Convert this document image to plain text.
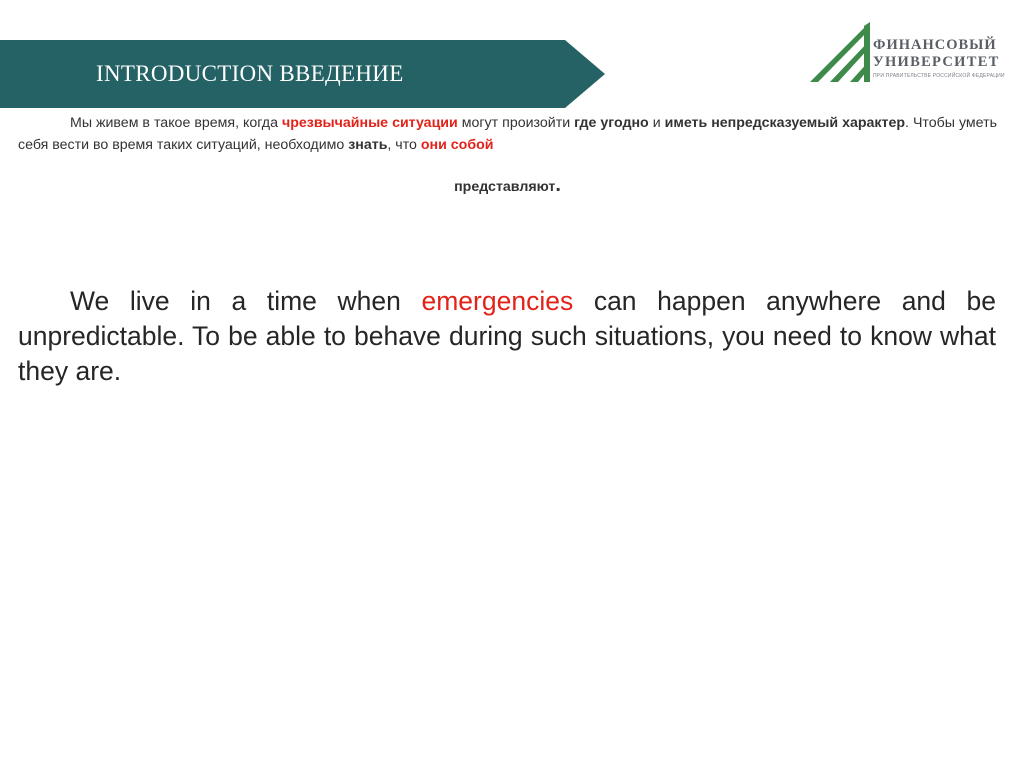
INTRODUCTION ВВЕДЕНИЕ
ФИНАНСОВЫЙ
УНИВЕРСИТЕТ
ПРИ ПРАВИТЕЛЬСТВЕ РОССИЙСКОЙ ФЕДЕРАЦИИ

Мы живем в такое время, когда чрезвычайные ситуации могут произойти где угодно и иметь непредсказуемый характер. Чтобы уметь себя вести во время таких ситуаций, необходимо знать, что они собой

представляют.

We live in a time when emergencies can happen anywhere and be unpredictable. To be able to behave during such situations, you need to know what they are.
